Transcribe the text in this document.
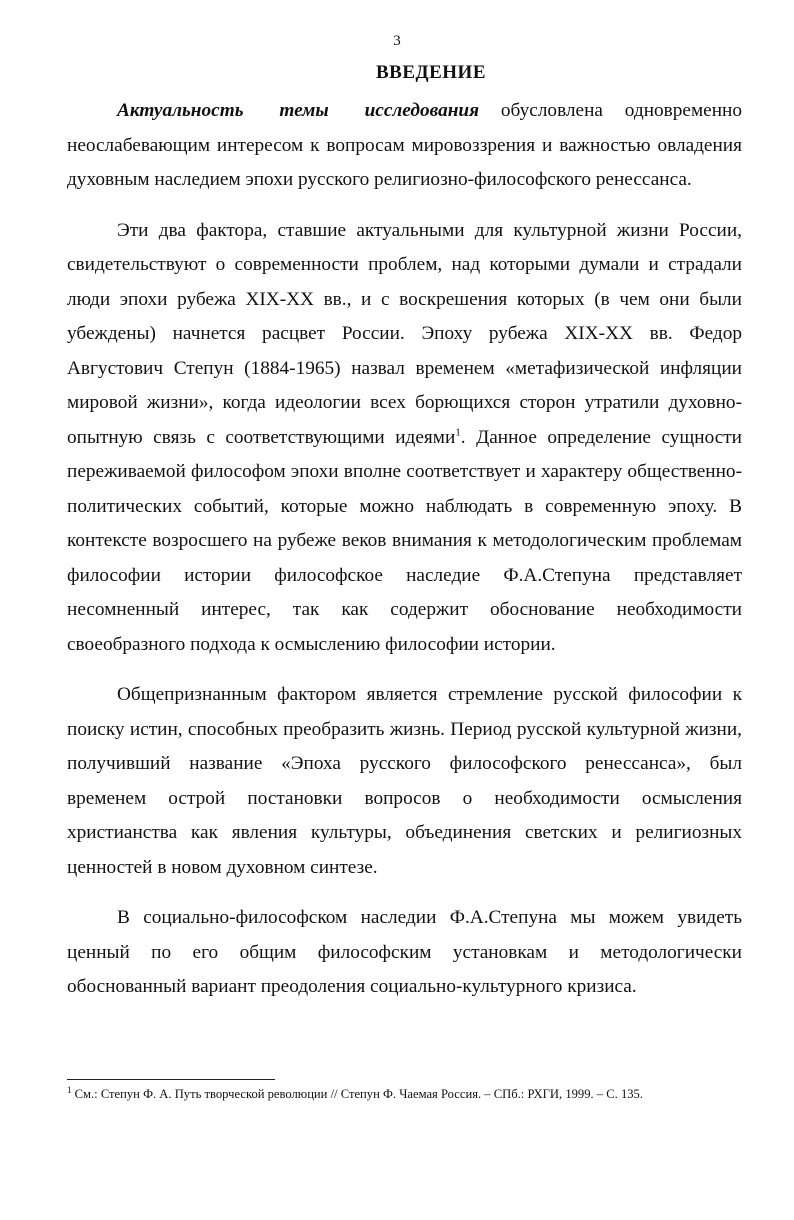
3
ВВЕДЕНИЕ

Актуальность темы исследования обусловлена одновременно неослабевающим интересом к вопросам мировоззрения и важностью овладения духовным наследием эпохи русского религиозно-философского ренессанса.

Эти два фактора, ставшие актуальными для культурной жизни России, свидетельствуют о современности проблем, над которыми думали и страдали люди эпохи рубежа XIX-XX вв., и с воскрешения которых (в чем они были убеждены) начнется расцвет России. Эпоху рубежа XIX-XX вв. Федор Августович Степун (1884-1965) назвал временем «метафизической инфляции мировой жизни», когда идеологии всех борющихся сторон утратили духовно-опытную связь с соответствующими идеями$^1$. Данное определение сущности переживаемой философом эпохи вполне соответствует и характеру общественно-политических событий, которые можно наблюдать в современную эпоху. В контексте возросшего на рубеже веков внимания к методологическим проблемам философии истории философское наследие Ф.А.Степуна представляет несомненный интерес, так как содержит обоснование необходимости своеобразного подхода к осмыслению философии истории.

Общепризнанным фактором является стремление русской философии к поиску истин, способных преобразить жизнь. Период русской культурной жизни, получивший название «Эпоха русского философского ренессанса», был временем острой постановки вопросов о необходимости осмысления христианства как явления культуры, объединения светских и религиозных ценностей в новом духовном синтезе.

В социально-философском наследии Ф.А.Степуна мы можем увидеть ценный по его общим философским установкам и методологически обоснованный вариант преодоления социально-культурного кризиса.

$^1$ См.: Степун Ф. А. Путь творческой революции // Степун Ф. Чаемая Россия. – СПб.: РХГИ, 1999. – С. 135.
